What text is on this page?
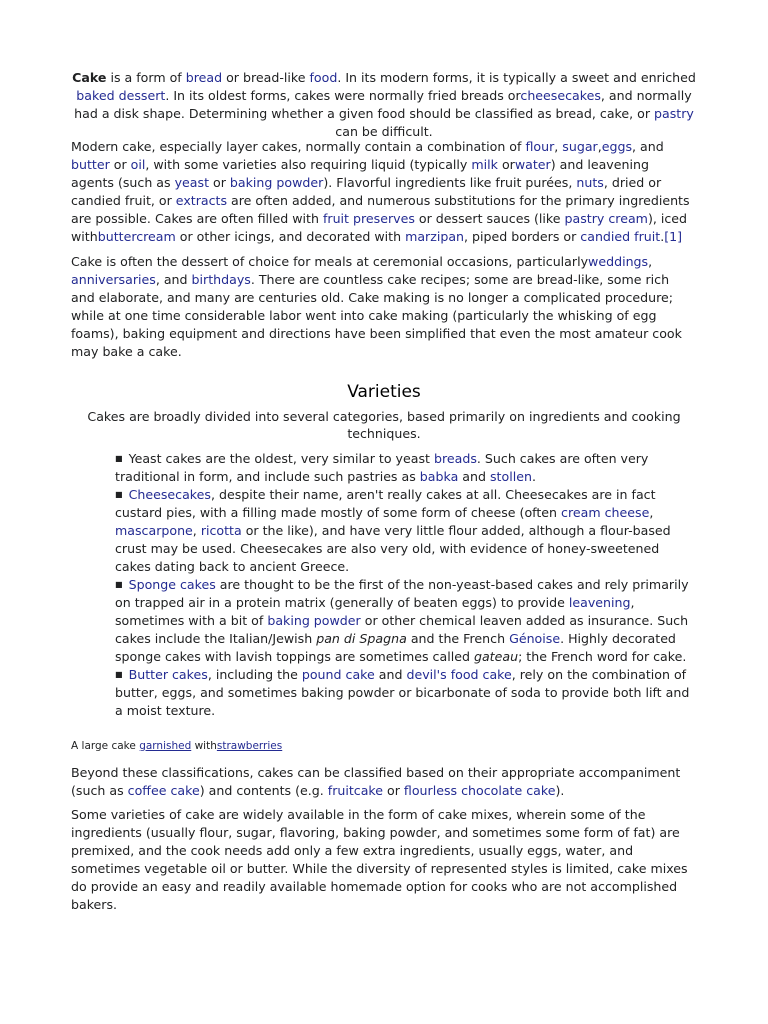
Cake is a form of bread or bread-like food. In its modern forms, it is typically a sweet and enriched baked dessert. In its oldest forms, cakes were normally fried breads orcheesecakes, and normally had a disk shape. Determining whether a given food should be classified as bread, cake, or pastry can be difficult.

Modern cake, especially layer cakes, normally contain a combination of flour, sugar,eggs, and butter or oil, with some varieties also requiring liquid (typically milk orwater) and leavening agents (such as yeast or baking powder). Flavorful ingredients like fruit purées, nuts, dried or candied fruit, or extracts are often added, and numerous substitutions for the primary ingredients are possible. Cakes are often filled with fruit preserves or dessert sauces (like pastry cream), iced withbuttercream or other icings, and decorated with marzipan, piped borders or candied fruit.[1]

Cake is often the dessert of choice for meals at ceremonial occasions, particularlyweddings, anniversaries, and birthdays. There are countless cake recipes; some are bread-like, some rich and elaborate, and many are centuries old. Cake making is no longer a complicated procedure; while at one time considerable labor went into cake making (particularly the whisking of egg foams), baking equipment and directions have been simplified that even the most amateur cook may bake a cake.

Varieties

Cakes are broadly divided into several categories, based primarily on ingredients and cooking techniques.

■ Yeast cakes are the oldest, very similar to yeast breads. Such cakes are often very traditional in form, and include such pastries as babka and stollen.

■ Cheesecakes, despite their name, aren't really cakes at all. Cheesecakes are in fact custard pies, with a filling made mostly of some form of cheese (often cream cheese, mascarpone, ricotta or the like), and have very little flour added, although a flour-based crust may be used. Cheesecakes are also very old, with evidence of honey-sweetened cakes dating back to ancient Greece.

■ Sponge cakes are thought to be the first of the non-yeast-based cakes and rely primarily on trapped air in a protein matrix (generally of beaten eggs) to provide leavening, sometimes with a bit of baking powder or other chemical leaven added as insurance. Such cakes include the Italian/Jewish pan di Spagna and the French Génoise. Highly decorated sponge cakes with lavish toppings are sometimes called gateau; the French word for cake.

■ Butter cakes, including the pound cake and devil's food cake, rely on the combination of butter, eggs, and sometimes baking powder or bicarbonate of soda to provide both lift and a moist texture.

A large cake garnished withstrawberries

Beyond these classifications, cakes can be classified based on their appropriate accompaniment (such as coffee cake) and contents (e.g. fruitcake or flourless chocolate cake).

Some varieties of cake are widely available in the form of cake mixes, wherein some of the ingredients (usually flour, sugar, flavoring, baking powder, and sometimes some form of fat) are premixed, and the cook needs add only a few extra ingredients, usually eggs, water, and sometimes vegetable oil or butter. While the diversity of represented styles is limited, cake mixes do provide an easy and readily available homemade option for cooks who are not accomplished bakers.
